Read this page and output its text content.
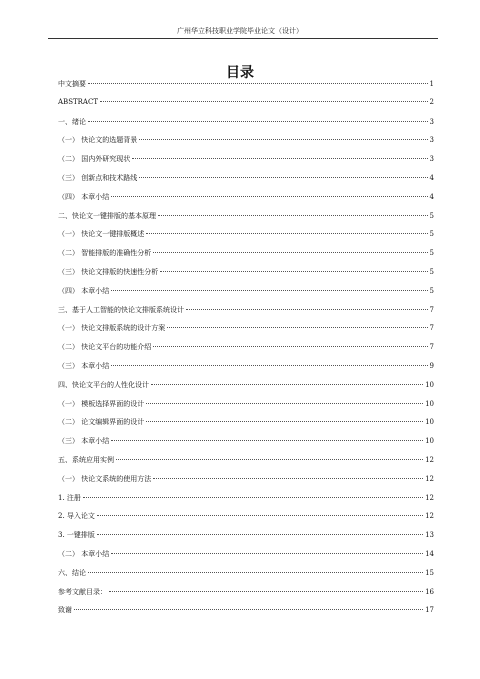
广州华立科技职业学院毕业论文（设计）
目录
中文摘要	1
ABSTRACT	2
一、绪论	3
（一） 快论文的选题背景	3
（二） 国内外研究现状	3
（三） 创新点和技术路线	4
（四） 本章小结	4
二、快论文一键排版的基本原理	5
（一） 快论文一键排版概述	5
（二） 智能排版的准确性分析	5
（三） 快论文排版的快速性分析	5
（四） 本章小结	5
三、基于人工智能的快论文排版系统设计	7
（一） 快论文排版系统的设计方案	7
（二） 快论文平台的功能介绍	7
（三） 本章小结	9
四、快论文平台的人性化设计	10
（一） 模板选择界面的设计	10
（二） 论文编辑界面的设计	10
（三） 本章小结	10
五、系统应用实例	12
（一） 快论文系统的使用方法	12
1. 注册	12
2. 导入论文	12
3. 一键排版	13
（二） 本章小结	14
六、结论	15
参考文献目录：	16
致谢	17
